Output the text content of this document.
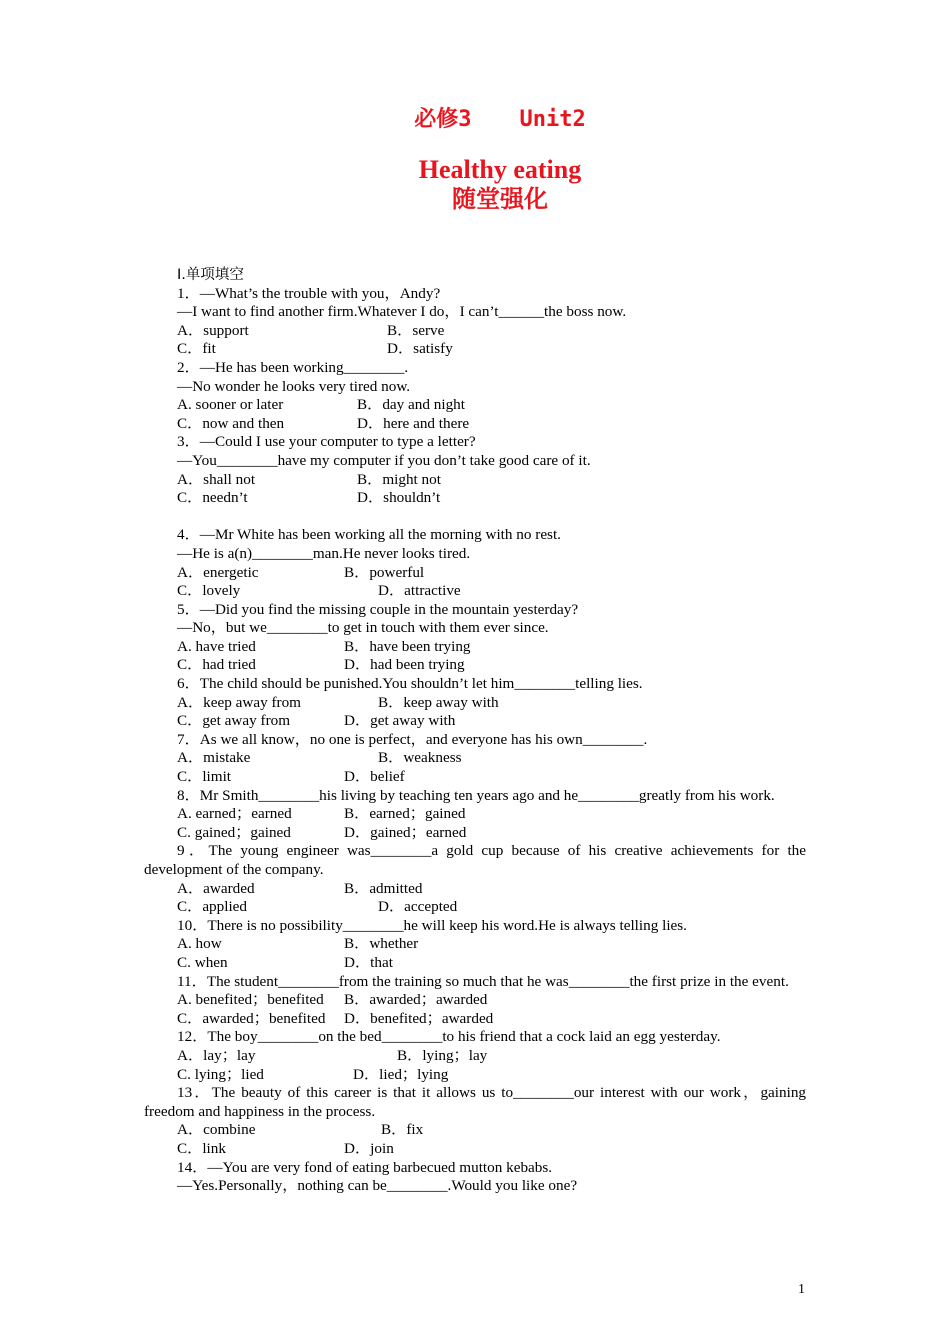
必修3 Unit2
Healthy eating
随堂强化
Ⅰ.单项填空
1．—What’s the trouble with you，Andy?
—I want to find another firm.Whatever I do，I can’t______the boss now.
A．support	B．serve
C．fit	D．satisfy
2．—He has been working________.
—No wonder he looks very tired now.
A. sooner or later	B．day and night
C．now and then	D．here and there
3．—Could I use your computer to type a letter?
—You________have my computer if you don’t take good care of it.
A．shall not	B．might not
C．needn’t	D．shouldn’t
4．—Mr White has been working all the morning with no rest.
—He is a(n)________man.He never looks tired.
A．energetic	B．powerful
C．lovely	D．attractive
5．—Did you find the missing couple in the mountain yesterday?
—No，but we________to get in touch with them ever since.
A. have tried	B．have been trying
C．had tried	D．had been trying
6．The child should be punished.You shouldn’t let him________telling lies.
A．keep away from	B．keep away with
C．get away from	D．get away with
7．As we all know，no one is perfect，and everyone has his own________.
A．mistake	B．weakness
C．limit	D．belief
8．Mr Smith________his living by teaching ten years ago and he________greatly from his work.
A. earned；earned	B．earned；gained
C. gained；gained	D．gained；earned
9．The young engineer was________a gold cup because of his creative achievements for the development of the company.
A．awarded	B．admitted
C．applied	D．accepted
10．There is no possibility________he will keep his word.He is always telling lies.
A. how	B．whether
C. when	D．that
11．The student________from the training so much that he was________the first prize in the event.
A. benefited；benefited B．awarded；awarded
C．awarded；benefited D．benefited；awarded
12．The boy________on the bed________to his friend that a cock laid an egg yesterday.
A．lay；lay	B．lying；lay
C. lying；lied	D．lied；lying
13．The beauty of this career is that it allows us to________our interest with our work，gaining freedom and happiness in the process.
A．combine	B．fix
C．link	D．join
14．—You are very fond of eating barbecued mutton kebabs.
—Yes.Personally，nothing can be________.Would you like one?
1
